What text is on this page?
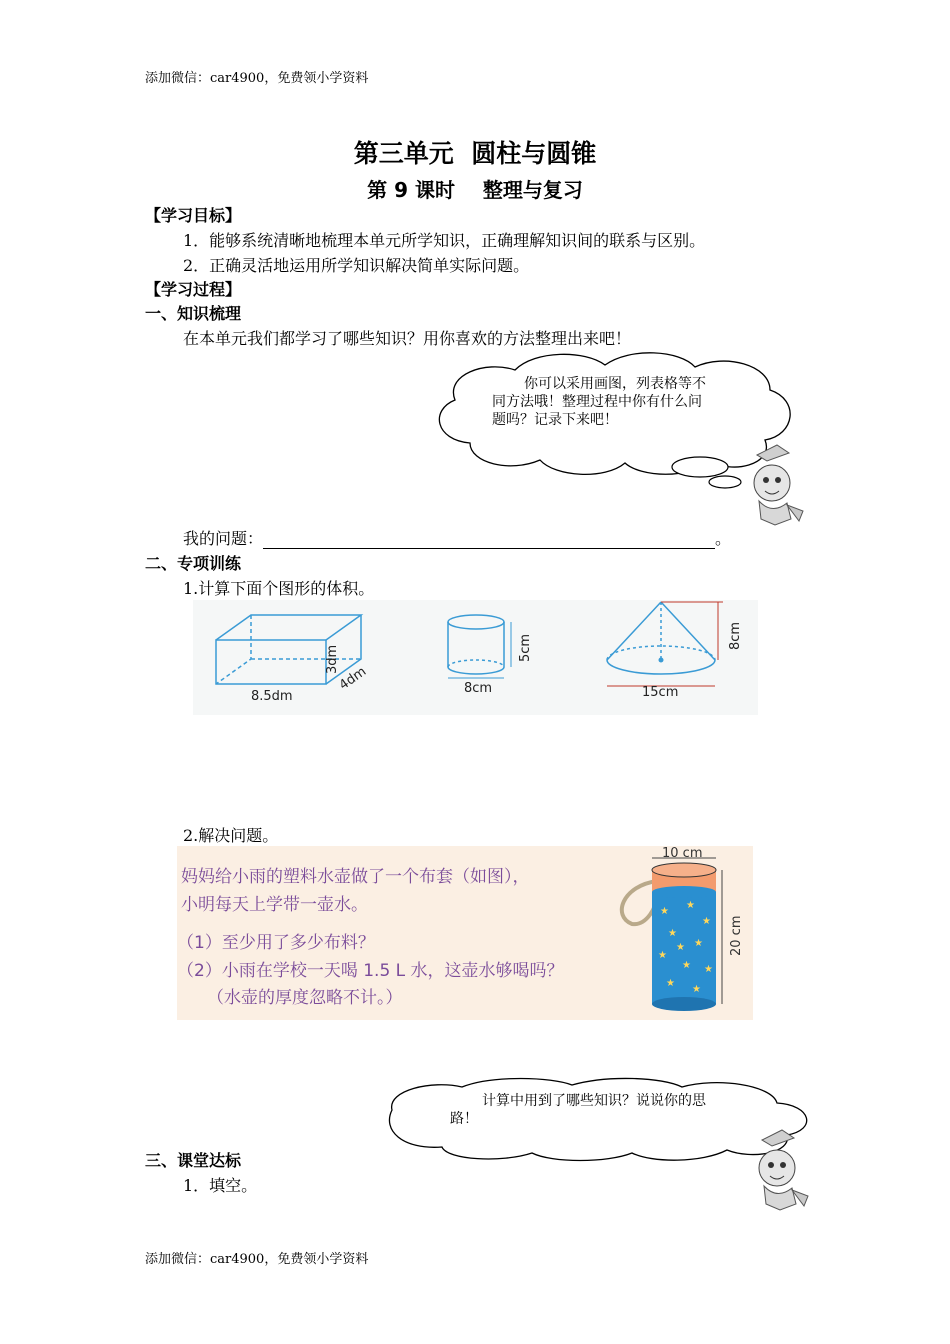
添加微信：car4900，免费领小学资料
第三单元  圆柱与圆锥
第 9 课时    整理与复习
【学习目标】
1．能够系统清晰地梳理本单元所学知识，正确理解知识间的联系与区别。
2．正确灵活地运用所学知识解决简单实际问题。
【学习过程】
一、知识梳理
在本单元我们都学习了哪些知识？用你喜欢的方法整理出来吧！
你可以采用画图，列表格等不同方法哦！整理过程中你有什么问题吗？记录下来吧！
我的问题：	。
二、专项训练
1.计算下面个图形的体积。
8.5dm
4dm
3dm
8cm
5cm
15cm
8cm
2.解决问题。
妈妈给小雨的塑料水壶做了一个布套（如图），
小明每天上学带一壶水。
（1）至少用了多少布料？
（2）小雨在学校一天喝 1.5 L 水，这壶水够喝吗？
（水壶的厚度忽略不计。）
★
★
★
★
★
★
★ ★
★
★
★
10 cm
20 cm
计算中用到了哪些知识？说说你的思路！
三、课堂达标
1．填空。
添加微信：car4900，免费领小学资料
